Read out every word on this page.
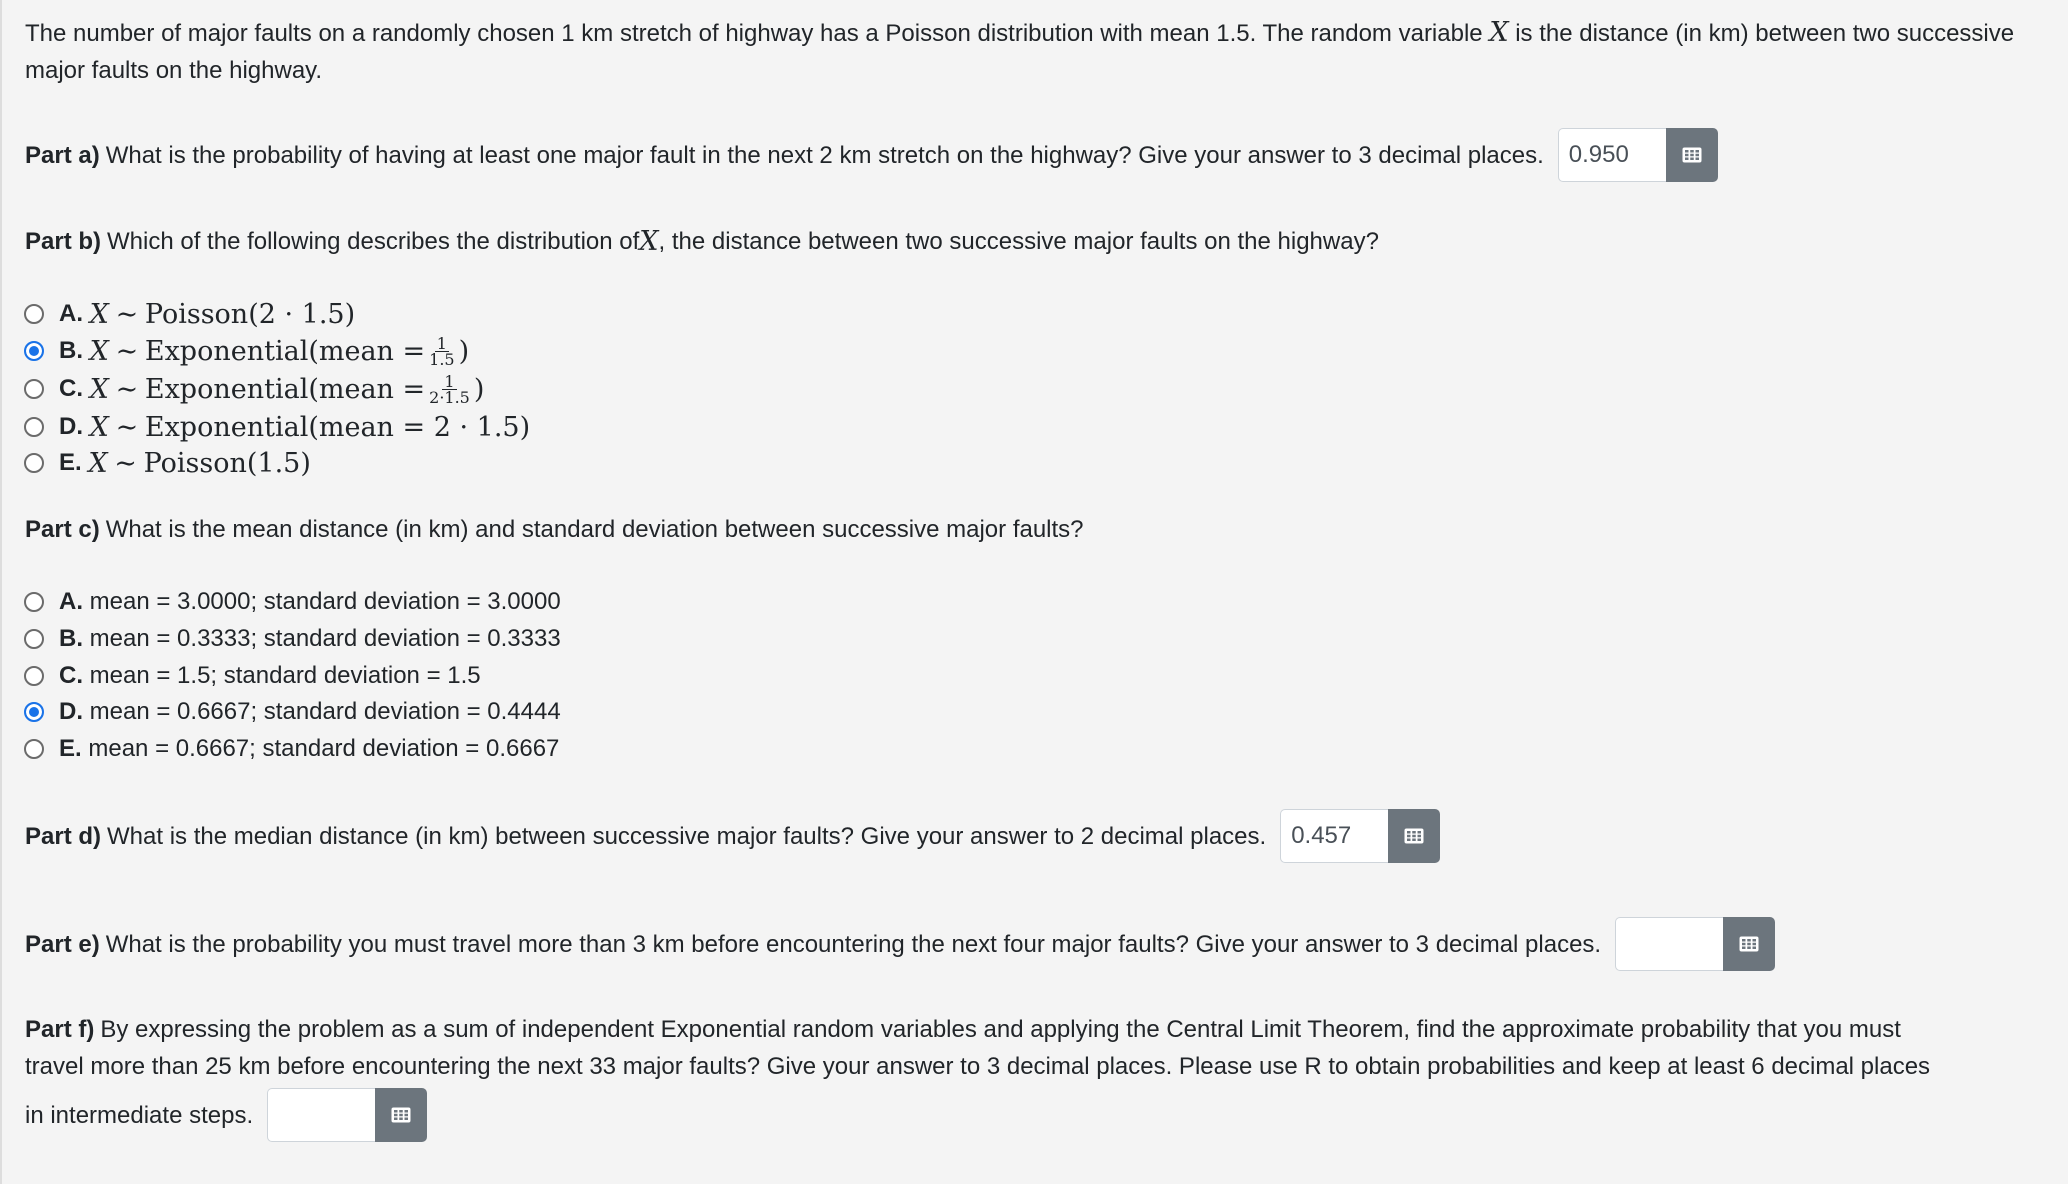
The number of major faults on a randomly chosen 1 km stretch of highway has a Poisson distribution with mean 1.5. The random variable X is the distance (in km) between two successive major faults on the highway.
Part a) What is the probability of having at least one major fault in the next 2 km stretch on the highway? Give your answer to 3 decimal places.
0.950
Part b) Which of the following describes the distribution of X , the distance between two successive major faults on the highway?
A.
X
∼
Poisson(2 · 1.5)
B.
X
∼
Exponential(mean = $\frac{1}{1.5}$ )
C.
X
∼
Exponential(mean = $\frac{1}{2\cdot 1.5}$ )
D.
X
∼
Exponential(mean = 2 · 1.5)
E.
X
∼
Poisson(1.5)
Part c) What is the mean distance (in km) and standard deviation between successive major faults?
A.
mean = 3.0000; standard deviation = 3.0000
B.
mean = 0.3333; standard deviation = 0.3333
C.
mean = 1.5; standard deviation = 1.5
D.
mean = 0.6667; standard deviation = 0.4444
E.
mean = 0.6667; standard deviation = 0.6667
Part d) What is the median distance (in km) between successive major faults? Give your answer to 2 decimal places.
0.457
Part e) What is the probability you must travel more than 3 km before encountering the next four major faults? Give your answer to 3 decimal places.
Part f) By expressing the problem as a sum of independent Exponential random variables and applying the Central Limit Theorem, find the approximate probability that you must
travel more than 25 km before encountering the next 33 major faults? Give your answer to 3 decimal places. Please use R to obtain probabilities and keep at least 6 decimal places
in intermediate steps.
